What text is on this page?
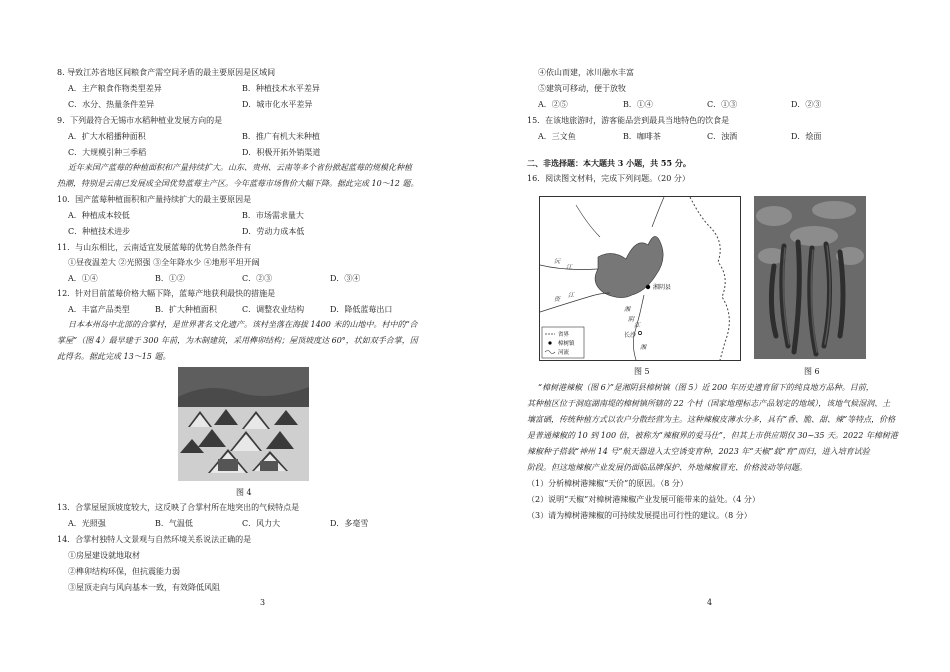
8. 导致江苏省地区间粮食产需空间矛盾的最主要原因是区域间
A．主产粮食作物类型差异	B．种植技术水平差异
C．水分、热量条件差异	D．城市化水平差异
9．下列最符合无锡市水稻种植业发展方向的是
A．扩大水稻播种面积	B．推广有机大米种植
C．大规模引种三季稻	D．积极开拓外销渠道
近年来国产蓝莓的种植面积和产量持续扩大。山东、贵州、云南等多个省份掀起蓝莓的规模化种植
热潮，特别是云南已发展成全国优势蓝莓主产区。今年蓝莓市场售价大幅下降。据此完成 10～12 题。
10．国产蓝莓种植面积和产量持续扩大的最主要原因是
A．种植成本较低	B．市场需求量大
C．种植技术进步	D．劳动力成本低
11．与山东相比，云南适宜发展蓝莓的优势自然条件有
①昼夜温差大 ②光照强 ③全年降水少 ④地形平坦开阔
A．①④	B．①②	C．②③	D．③④
12．针对目前蓝莓价格大幅下降，蓝莓产地获利最快的措施是
A．丰富产品类型	B．扩大种植面积	C．调整农业结构	D．降低蓝莓出口
日本本州岛中北部的合掌村，是世界著名文化遗产。该村坐落在海拔 1400 米的山地中。村中的“合
掌屋”（图 4）最早建于 300 年前，为木制建筑，采用榫卯结构；屋顶坡度达 60°，状如双手合掌，因
此得名。据此完成 13～15 题。
图 4
13．合掌屋屋顶坡度较大，这反映了合掌村所在地突出的气候特点是
A．光照强	B．气温低	C．风力大	D．多毫雪
14．合掌村独特人文景观与自然环境关系说法正确的是
①房屋建设就地取材
②榫卯结构环保，但抗震能力弱
③屋顶走向与风向基本一致，有效降低风阻
3
④依山而建，冰川融水丰富
⑤建筑可移动，便于放牧
A．②⑤	B．①④	C．①③	D．②③
15．在该地旅游时，游客能品尝到最具当地特色的饮食是
A．三文鱼	B．咖啡茶	C．浊酒	D．烩面
二、非选择题：本大题共 3 小题，共 55 分。
16．阅读图文材料，完成下列问题。（20 分）
沅
江
资
江
湘
阴
湘阴县
长沙
湘
江
省界
樟树镇
河流
图 5	图 6
“樟树港辣椒（图 6）”是湘阴县樟树镇（图 5）近 200 年历史遗育留下的纯良地方品种。目前，
其种植区位于洞庭湖南堤的樟树镇所辖的 22 个村（国家地理标志产品划定的地域），该地气候湿润、土
壤富硒，传统种植方式以农户分散经营为主。这种辣椒皮薄水分多，具有“香、脆、甜、辣”等特点，价格
是普通辣椒的 10 到 100 倍，被称为“辣椒界的爱马仕”，但其上市供应期仅 30~35 天。2022 年樟树港
辣椒种子搭载“神州 14 号”航天器进入太空诱变育种，2023 年“天椒”载“育”而归，进入培育试验
阶段。但这地辣椒产业发展仍面临品牌保护、外地辣椒冒充、价格波动等问题。
（1）分析樟树港辣椒“天价”的原因。（8 分）
（2）说明“天椒”对樟树港辣椒产业发展可能带来的益处。（4 分）
（3）请为樟树港辣椒的可持续发展提出可行性的建议。（8 分）
4
